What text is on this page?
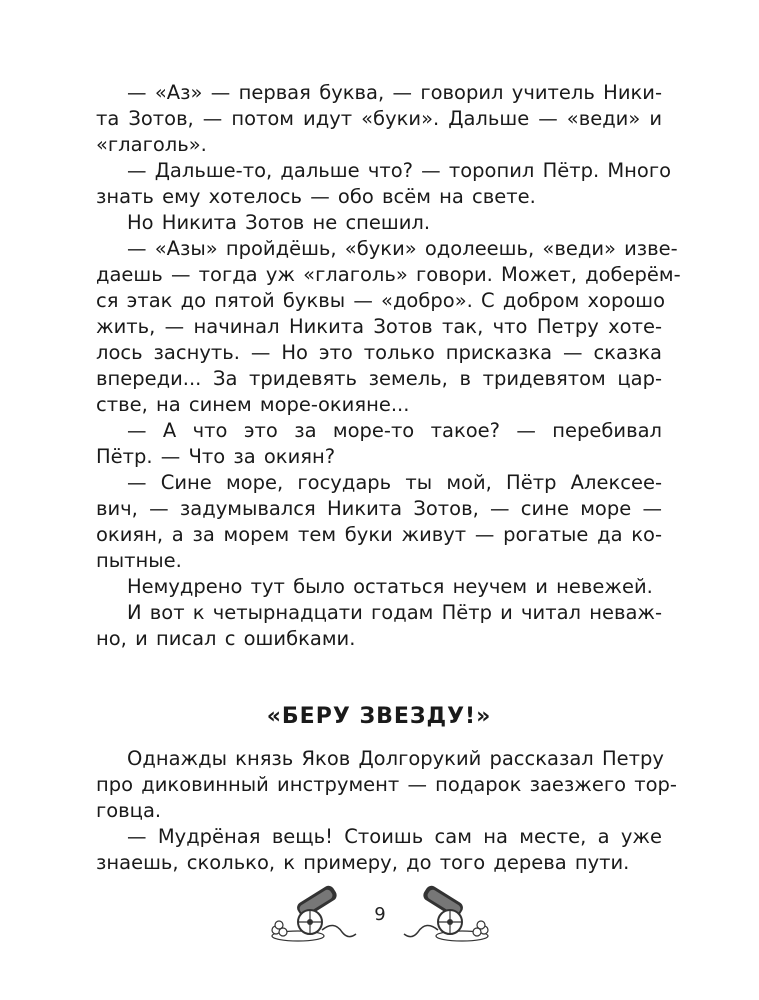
— «Аз» — первая буква, — говорил учитель Ники-
та Зотов, — потом идут «буки». Дальше — «веди» и
«глаголь».

— Дальше-то, дальше что? — торопил Пётр. Много
знать ему хотелось — обо всём на свете.

Но Никита Зотов не спешил.

— «Азы» пройдёшь, «буки» одолеешь, «веди» изве-
даешь — тогда уж «глаголь» говори. Может, доберём-
ся этак до пятой буквы — «добро». С добром хорошо
жить, — начинал Никита Зотов так, что Петру хоте-
лось заснуть. — Но это только присказка — сказка
впереди... За тридевять земель, в тридевятом цар-
стве, на синем море-окияне...

— А что это за море-то такое? — перебивал
Пётр. — Что за окиян?

— Сине море, государь ты мой, Пётр Алексее-
вич, — задумывался Никита Зотов, — сине море —
окиян, а за морем тем буки живут — рогатые да ко-
пытные.

Немудрено тут было остаться неучем и невежей.

И вот к четырнадцати годам Пётр и читал неваж-
но, и писал с ошибками.

«БЕРУ ЗВЕЗДУ!»

Однажды князь Яков Долгорукий рассказал Петру
про диковинный инструмент — подарок заезжего тор-
говца.

— Мудрёная вещь! Стоишь сам на месте, а уже
знаешь, сколько, к примеру, до того дерева пути.

9
